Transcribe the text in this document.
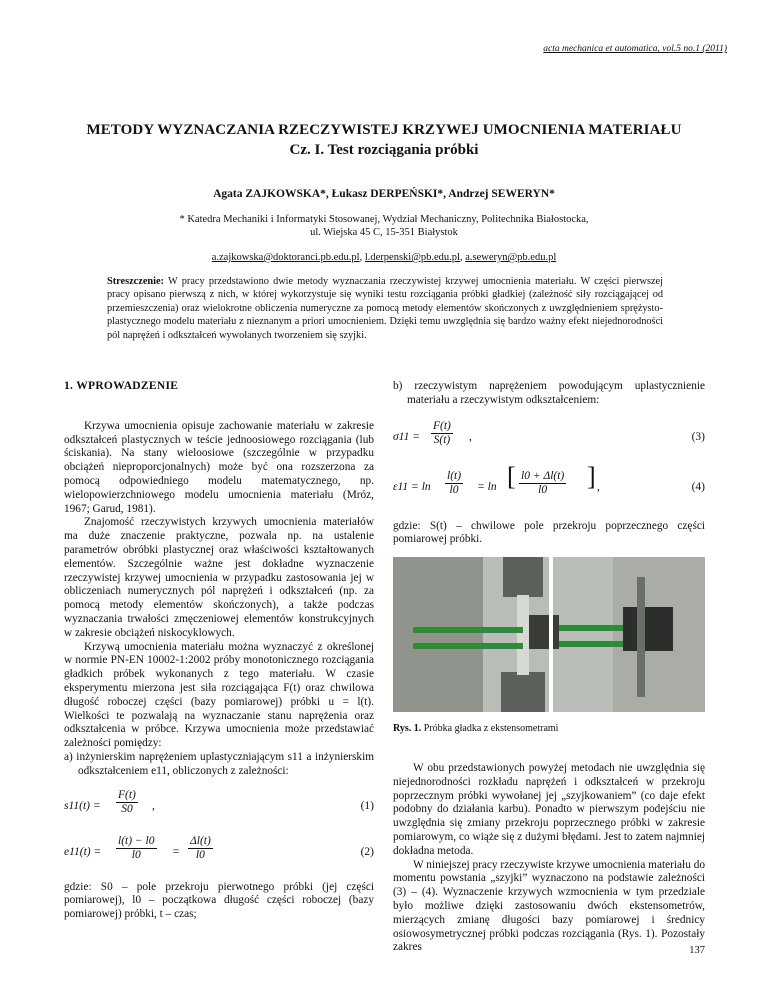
acta mechanica et automatica, vol.5 no.1 (2011)
METODY WYZNACZANIA RZECZYWISTEJ KRZYWEJ UMOCNIENIA MATERIAŁU
Cz. I. Test rozciągania próbki
Agata ZAJKOWSKA*, Łukasz DERPEŃSKI*, Andrzej SEWERYN*
* Katedra Mechaniki i Informatyki Stosowanej, Wydział Mechaniczny, Politechnika Białostocka,
ul. Wiejska 45 C, 15-351 Białystok
a.zajkowska@doktoranci.pb.edu.pl, l.derpenski@pb.edu.pl, a.seweryn@pb.edu.pl
Streszczenie: W pracy przedstawiono dwie metody wyznaczania rzeczywistej krzywej umocnienia materiału. W części pierwszej pracy opisano pierwszą z nich, w której wykorzystuje się wyniki testu rozciągania próbki gładkiej (zależność siły rozciągającej od przemieszczenia) oraz wielokrotne obliczenia numeryczne za pomocą metody elementów skończonych z uwzględnieniem sprężysto-plastycznego modelu materiału z nieznanym a priori umocnieniem. Dzięki temu uwzględnia się bardzo ważny efekt niejednorodności pól naprężeń i odkształceń wywołanych tworzeniem się szyjki.
1. WPROWADZENIE

Krzywa umocnienia opisuje zachowanie materiału w zakresie odkształceń plastycznych w teście jednoosiowego rozciągania (lub ściskania). Na stany wieloosiowe (szczególnie w przypadku obciążeń nieproporcjonalnych) może być ona rozszerzona za pomocą odpowiedniego modelu matematycznego, np. wielopowierzchniowego modelu umocnienia materiału (Mróz, 1967; Garud, 1981).

Znajomość rzeczywistych krzywych umocnienia materiałów ma duże znaczenie praktyczne, pozwala np. na ustalenie parametrów obróbki plastycznej oraz właściwości kształtowanych elementów. Szczególnie ważne jest dokładne wyznaczenie rzeczywistej krzywej umocnienia w przypadku zastosowania jej w obliczeniach numerycznych pól naprężeń i odkształceń (np. za pomocą metody elementów skończonych), a także podczas wyznaczania trwałości zmęczeniowej elementów konstrukcyjnych w zakresie obciążeń niskocyklowych.

Krzywą umocnienia materiału można wyznaczyć z określonej w normie PN-EN 10002-1:2002 próby monotonicznego rozciągania gładkich próbek wykonanych z tego materiału. W czasie eksperymentu mierzona jest siła rozciągająca F(t) oraz chwilowa długość roboczej części (bazy pomiarowej) próbki u = l(t). Wielkości te pozwalają na wyznaczanie stanu naprężenia oraz odkształcenia w próbce. Krzywa umocnienia może przedstawiać zależności pomiędzy:

a) inżynierskim naprężeniem uplastyczniającym s11 a inżynierskim odkształceniem e11, obliczonych z zależności:

$s11(t) = \frac{F(t)}{S0}$ ,	(1)
$e11(t) = \frac{l(t) - l0}{l0} = \frac{\Delta l(t)}{l0}$	(2)

gdzie: S0 – pole przekroju pierwotnego próbki (jej części pomiarowej), l0 – początkowa długość części roboczej (bazy pomiarowej) próbki, t – czas;

b) rzeczywistym naprężeniem powodującym uplastycznienie materiału a rzeczywistym odkształceniem:

$\sigma 11 = \frac{F(t)}{S(t)}$ ,	(3)
$\varepsilon 11 = \ln \frac{l(t)}{l0} = \ln$ [ $\frac{l0 + \Delta l(t)}{l0}$ ] ,	(4)

gdzie: S(t) – chwilowe pole przekroju poprzecznego części pomiarowej próbki.

Rys. 1. Próbka gładka z ekstensometrami

W obu przedstawionych powyżej metodach nie uwzględnia się niejednorodności rozkładu naprężeń i odkształceń w przekroju poprzecznym próbki wywołanej jej „szyjkowaniem” (co daje efekt podobny do działania karbu). Ponadto w pierwszym podejściu nie uwzględnia się zmiany przekroju poprzecznego próbki w zakresie pomiarowym, co wiąże się z dużymi błędami. Jest to zatem najmniej dokładna metoda.

W niniejszej pracy rzeczywiste krzywe umocnienia materiału do momentu powstania „szyjki” wyznaczono na podstawie zależności (3) – (4). Wyznaczenie krzywych wzmocnienia w tym przedziale było możliwe dzięki zastosowaniu dwóch ekstensometrów, mierzących zmianę długości bazy pomiarowej i średnicy osiowosymetrycznej próbki podczas rozciągania (Rys. 1). Pozostały zakres	137
